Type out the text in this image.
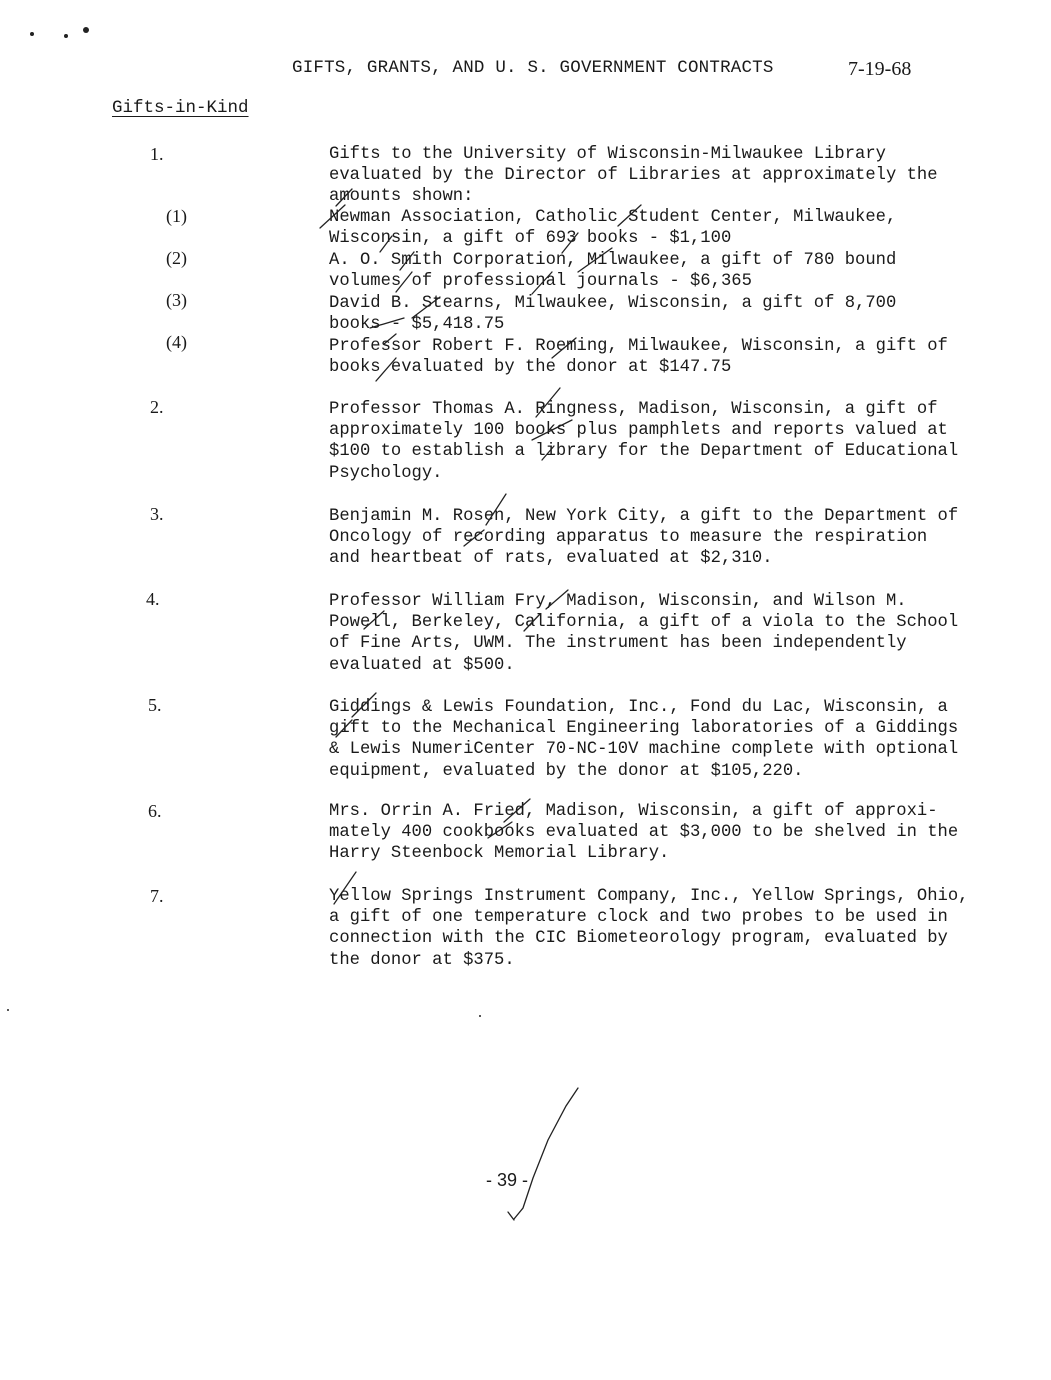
GIFTS, GRANTS, AND U. S. GOVERNMENT CONTRACTS	7-19-68
Gifts-in-Kind
1.	Gifts to the University of Wisconsin-Milwaukee Library
evaluated by the Director of Libraries at approximately the
amounts shown:
(1)	Newman Association, Catholic Student Center, Milwaukee,
Wisconsin, a gift of 693 books - $1,100
(2)	A. O. Smith Corporation, Milwaukee, a gift of 780 bound
volumes of professional journals - $6,365
(3)	David B. Stearns, Milwaukee, Wisconsin, a gift of 8,700
books - $5,418.75
(4)	Professor Robert F. Roeming, Milwaukee, Wisconsin, a gift of
books evaluated by the donor at $147.75
2.	Professor Thomas A. Ringness, Madison, Wisconsin, a gift of
approximately 100 books plus pamphlets and reports valued at
$100 to establish a library for the Department of Educational
Psychology.
3.	Benjamin M. Rosen, New York City, a gift to the Department of
Oncology of recording apparatus to measure the respiration
and heartbeat of rats, evaluated at $2,310.
4.	Professor William Fry, Madison, Wisconsin, and Wilson M.
Powell, Berkeley, California, a gift of a viola to the School
of Fine Arts, UWM. The instrument has been independently
evaluated at $500.
5.	Giddings & Lewis Foundation, Inc., Fond du Lac, Wisconsin, a
gift to the Mechanical Engineering laboratories of a Giddings
& Lewis NumeriCenter 70-NC-10V machine complete with optional
equipment, evaluated by the donor at $105,220.
6.	Mrs. Orrin A. Fried, Madison, Wisconsin, a gift of approxi-
mately 400 cookbooks evaluated at $3,000 to be shelved in the
Harry Steenbock Memorial Library.
7.	Yellow Springs Instrument Company, Inc., Yellow Springs, Ohio,
a gift of one temperature clock and two probes to be used in
connection with the CIC Biometeorology program, evaluated by
the donor at $375.
- 39 -
